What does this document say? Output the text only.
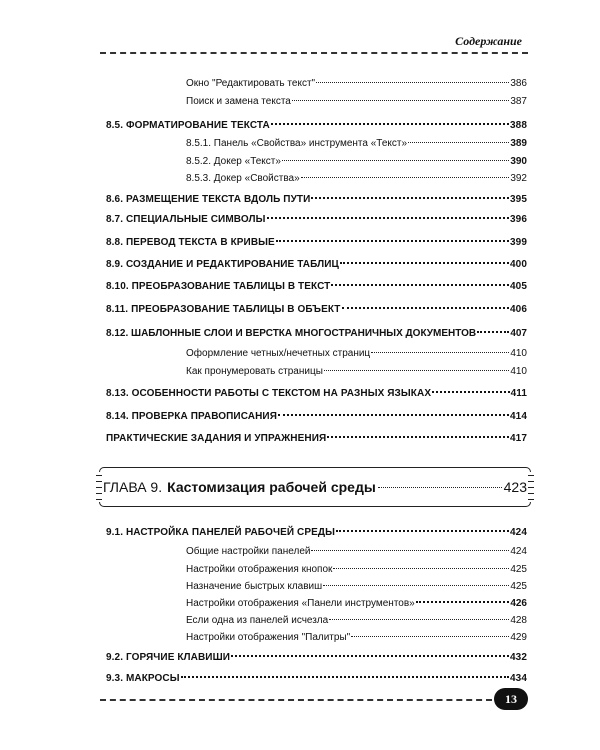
Содержание
Окно "Редактировать текст"	386
Поиск и замена текста	387
8.5. ФОРМАТИРОВАНИЕ ТЕКСТА	388
8.5.1. Панель «Свойства» инструмента «Текст»	389
8.5.2. Докер «Текст»	390
8.5.3. Докер «Свойства»	392
8.6. РАЗМЕЩЕНИЕ ТЕКСТА ВДОЛЬ ПУТИ	395
8.7. СПЕЦИАЛЬНЫЕ СИМВОЛЫ	396
8.8. ПЕРЕВОД ТЕКСТА В КРИВЫЕ	399
8.9. СОЗДАНИЕ И РЕДАКТИРОВАНИЕ ТАБЛИЦ	400
8.10. ПРЕОБРАЗОВАНИЕ ТАБЛИЦЫ В ТЕКСТ	405
8.11. ПРЕОБРАЗОВАНИЕ ТАБЛИЦЫ В ОБЪЕКТ	406
8.12. ШАБЛОННЫЕ СЛОИ И ВЕРСТКА МНОГОСТРАНИЧНЫХ ДОКУМЕНТОВ	407
Оформление четных/нечетных страниц	410
Как пронумеровать страницы	410
8.13. ОСОБЕННОСТИ РАБОТЫ С ТЕКСТОМ НА РАЗНЫХ ЯЗЫКАХ	411
8.14. ПРОВЕРКА ПРАВОПИСАНИЯ	414
ПРАКТИЧЕСКИЕ ЗАДАНИЯ И УПРАЖНЕНИЯ	417
ГЛАВА 9. Кастомизация рабочей среды	423
9.1. НАСТРОЙКА ПАНЕЛЕЙ РАБОЧЕЙ СРЕДЫ	424
Общие настройки панелей	424
Настройки отображения кнопок	425
Назначение быстрых клавиш	425
Настройки отображения «Панели инструментов»	426
Если одна из панелей исчезла	428
Настройки отображения "Палитры"	429
9.2. ГОРЯЧИЕ КЛАВИШИ	432
9.3. МАКРОСЫ	434
13
